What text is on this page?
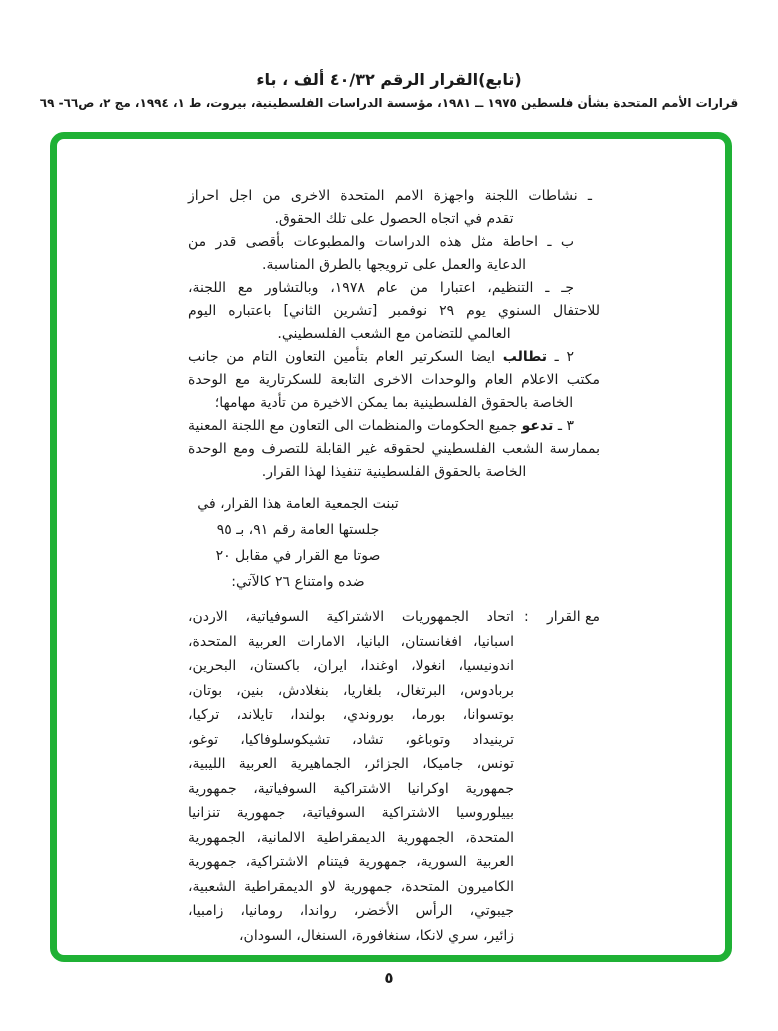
(تابع)القرار الرقم ٤٠/٣٢ ألف ، باء
قرارات الأمم المتحدة بشأن فلسطين ١٩٧٥ ــ ١٩٨١، مؤسسة الدراسات الفلسطينية، بيروت، ط ١، ١٩٩٤، مج ٢، ص٦٦- ٦٩
ـ نشاطات اللجنة واجهزة الامم المتحدة الاخرى من اجل احراز
تقدم في اتجاه الحصول على تلك الحقوق.
ب ـ احاطة مثل هذه الدراسات والمطبوعات بأقصى قدر من
الدعاية والعمل على ترويجها بالطرق المناسبة.
جـ ـ التنظيم، اعتبارا من عام ١٩٧٨، وبالتشاور مع اللجنة،
للاحتفال السنوي يوم ٢٩ نوفمبر [تشرين الثاني] باعتباره اليوم
العالمي للتضامن مع الشعب الفلسطيني.
٢ ـ تطالب ايضا السكرتير العام بتأمين التعاون التام من جانب
مكتب الاعلام العام والوحدات الاخرى التابعة للسكرتارية مع الوحدة
الخاصة بالحقوق الفلسطينية بما يمكن الاخيرة من تأدية مهامها؛
٣ ـ تدعو جميع الحكومات والمنظمات الى التعاون مع اللجنة المعنية
بممارسة الشعب الفلسطيني لحقوقه غير القابلة للتصرف ومع الوحدة
الخاصة بالحقوق الفلسطينية تنفيذا لهذا القرار.
تبنت الجمعية العامة هذا القرار، في
جلستها العامة رقم ٩١، بـ ٩٥
صوتا مع القرار في مقابل ٢٠
ضده وامتناع ٢٦ كالآتي:
مع القرار
:
اتحاد الجمهوريات الاشتراكية السوفياتية، الاردن،
اسبانيا، افغانستان، البانيا، الامارات العربية المتحدة،
اندونيسيا، انغولا، اوغندا، ايران، باكستان، البحرين،
بربادوس، البرتغال، بلغاريا، بنغلادش، بنين، بوتان،
بوتسوانا، بورما، بوروندي، بولندا، تايلاند، تركيا،
ترينيداد وتوباغو، تشاد، تشيكوسلوفاكيا، توغو،
تونس، جاميكا، الجزائر، الجماهيرية العربية الليبية،
جمهورية اوكرانيا الاشتراكية السوفياتية، جمهورية
بييلوروسيا الاشتراكية السوفياتية، جمهورية تنزانيا
المتحدة، الجمهورية الديمقراطية الالمانية، الجمهورية
العربية السورية، جمهورية فيتنام الاشتراكية، جمهورية
الكاميرون المتحدة، جمهورية لاو الديمقراطية الشعبية،
جيبوتي، الرأس الأخضر، رواندا، رومانيا، زامبيا،
زائير، سري لانكا، سنغافورة، السنغال، السودان،
٥
